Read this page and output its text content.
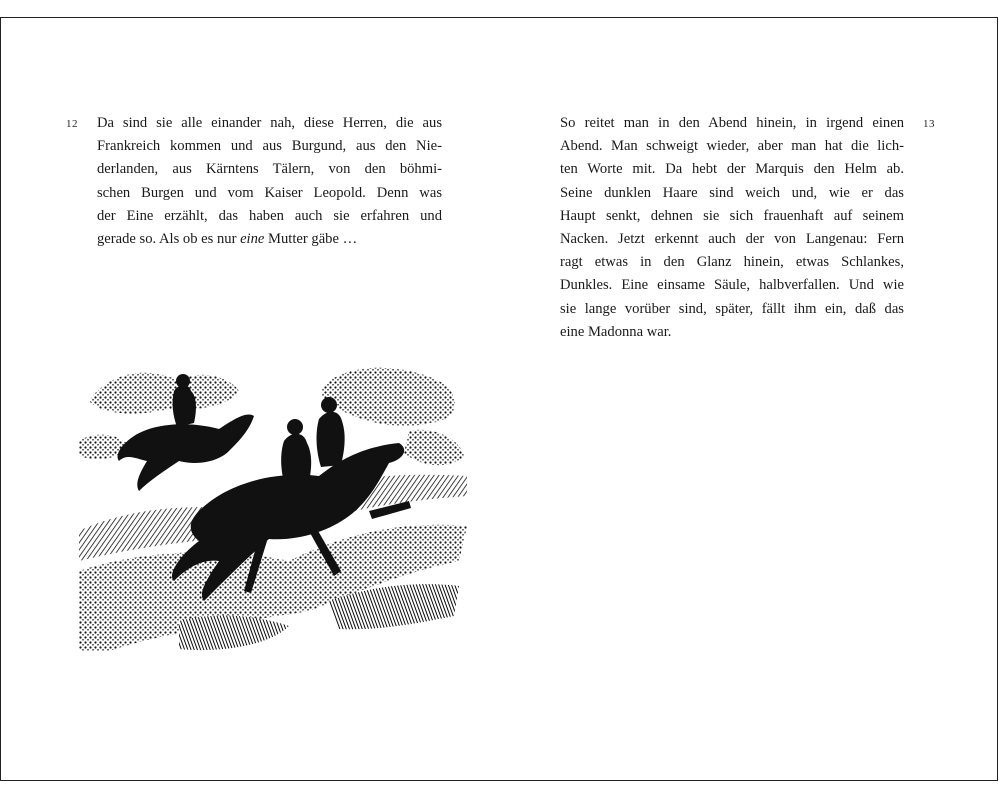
12 Da sind sie alle einander nah, diese Herren, die aus
Frankreich kommen und aus Burgund, aus den Nie-
derlanden, aus Kärntens Tälern, von den böhmi-
schen Burgen und vom Kaiser Leopold. Denn was
der Eine erzählt, das haben auch sie erfahren und
gerade so. Als ob es nur eine Mutter gäbe …
13
So reitet man in den Abend hinein, in irgend einen
Abend. Man schweigt wieder, aber man hat die lich-
ten Worte mit. Da hebt der Marquis den Helm ab.
Seine dunklen Haare sind weich und, wie er das
Haupt senkt, dehnen sie sich frauenhaft auf seinem
Nacken. Jetzt erkennt auch der von Langenau: Fern
ragt etwas in den Glanz hinein, etwas Schlankes,
Dunkles. Eine einsame Säule, halbverfallen. Und wie
sie lange vorüber sind, später, fällt ihm ein, daß das
eine Madonna war.
